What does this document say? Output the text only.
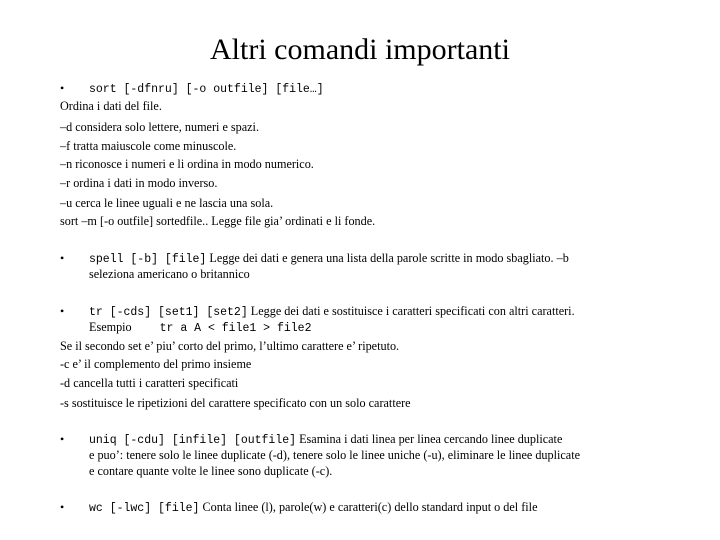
Altri comandi importanti
•	sort [-dfnru] [-o outfile] [file…]
Ordina i dati del file.
–d considera solo lettere, numeri e spazi.
–f tratta maiuscole come minuscole.
–n riconosce i numeri e li ordina in modo numerico.
–r ordina i dati in modo inverso.
–u cerca le linee uguali e ne lascia una sola.
sort –m [-o outfile] sortedfile.. Legge file gia’ ordinati e li fonde.
•	spell [-b] [file] Legge dei dati e genera una lista della parole scritte in modo sbagliato. –b
seleziona americano o britannico
•	tr [-cds] [set1] [set2] Legge dei dati e sostituisce i caratteri specificati con altri caratteri.
Esempio tr a A < file1 > file2
Se il secondo set e’ piu’ corto del primo, l’ultimo carattere e’ ripetuto.
-c e’ il complemento del primo insieme
-d cancella tutti i caratteri specificati
-s sostituisce le ripetizioni del carattere specificato con un solo carattere
•	uniq [-cdu] [infile] [outfile] Esamina i dati linea per linea cercando linee duplicate
e puo’: tenere solo le linee duplicate (-d), tenere solo le linee uniche (-u), eliminare le linee duplicate
e contare quante volte le linee sono duplicate (-c).
•	wc [-lwc] [file] Conta linee (l), parole(w) e caratteri(c) dello standard input o del file
